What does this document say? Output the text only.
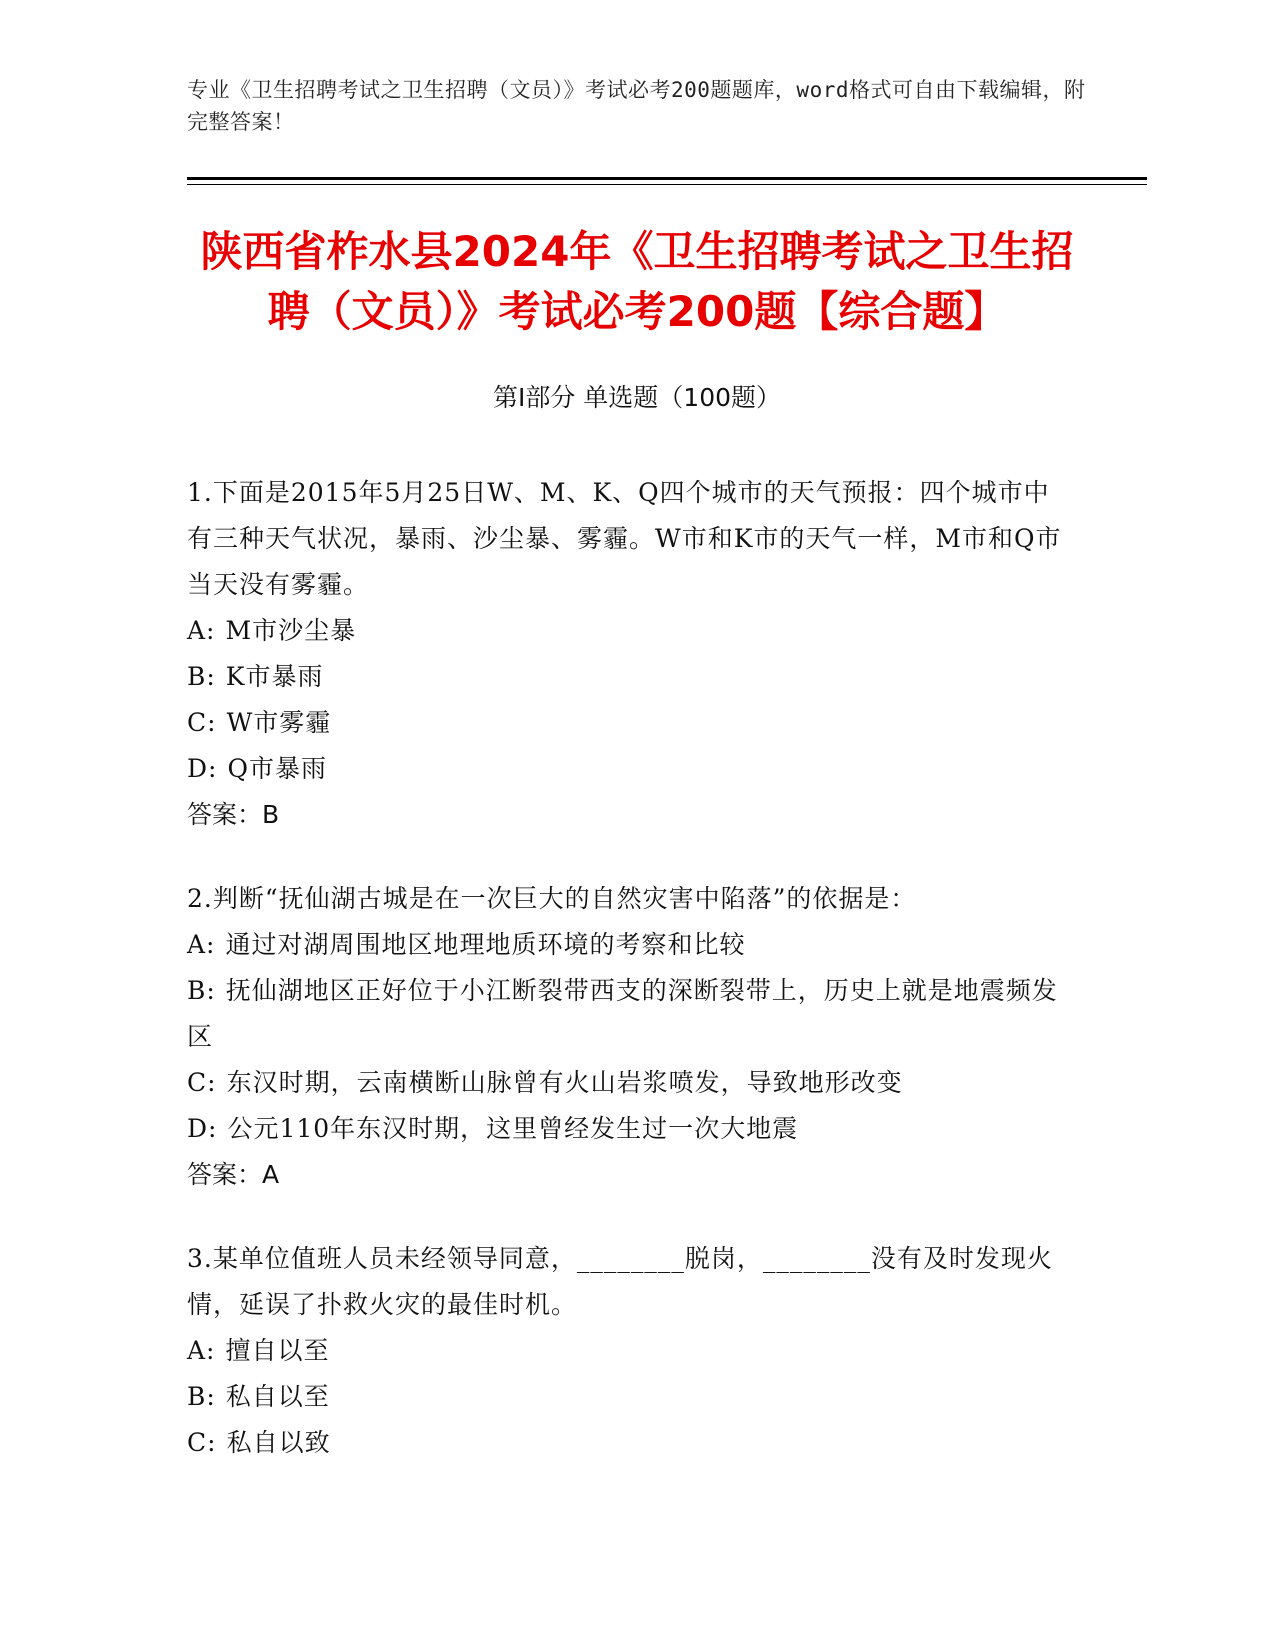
专业《卫生招聘考试之卫生招聘（文员）》考试必考200题题库，word格式可自由下载编辑，附完整答案！
陕西省柞水县2024年《卫生招聘考试之卫生招聘（文员）》考试必考200题【综合题】
第Ⅰ部分 单选题（100题）

1.下面是2015年5月25日W、M、K、Q四个城市的天气预报：四个城市中有三种天气状况，暴雨、沙尘暴、雾霾。W市和K市的天气一样，M市和Q市当天没有雾霾。

A: M市沙尘暴

B: K市暴雨

C: W市雾霾

D: Q市暴雨

答案：B

2.判断“抚仙湖古城是在一次巨大的自然灾害中陷落”的依据是：

A: 通过对湖周围地区地理地质环境的考察和比较

B: 抚仙湖地区正好位于小江断裂带西支的深断裂带上，历史上就是地震频发区

C: 东汉时期，云南横断山脉曾有火山岩浆喷发，导致地形改变

D: 公元110年东汉时期，这里曾经发生过一次大地震

答案：A

3.某单位值班人员未经领导同意，________脱岗，________没有及时发现火情，延误了扑救火灾的最佳时机。

A: 擅自以至

B: 私自以至

C: 私自以致
